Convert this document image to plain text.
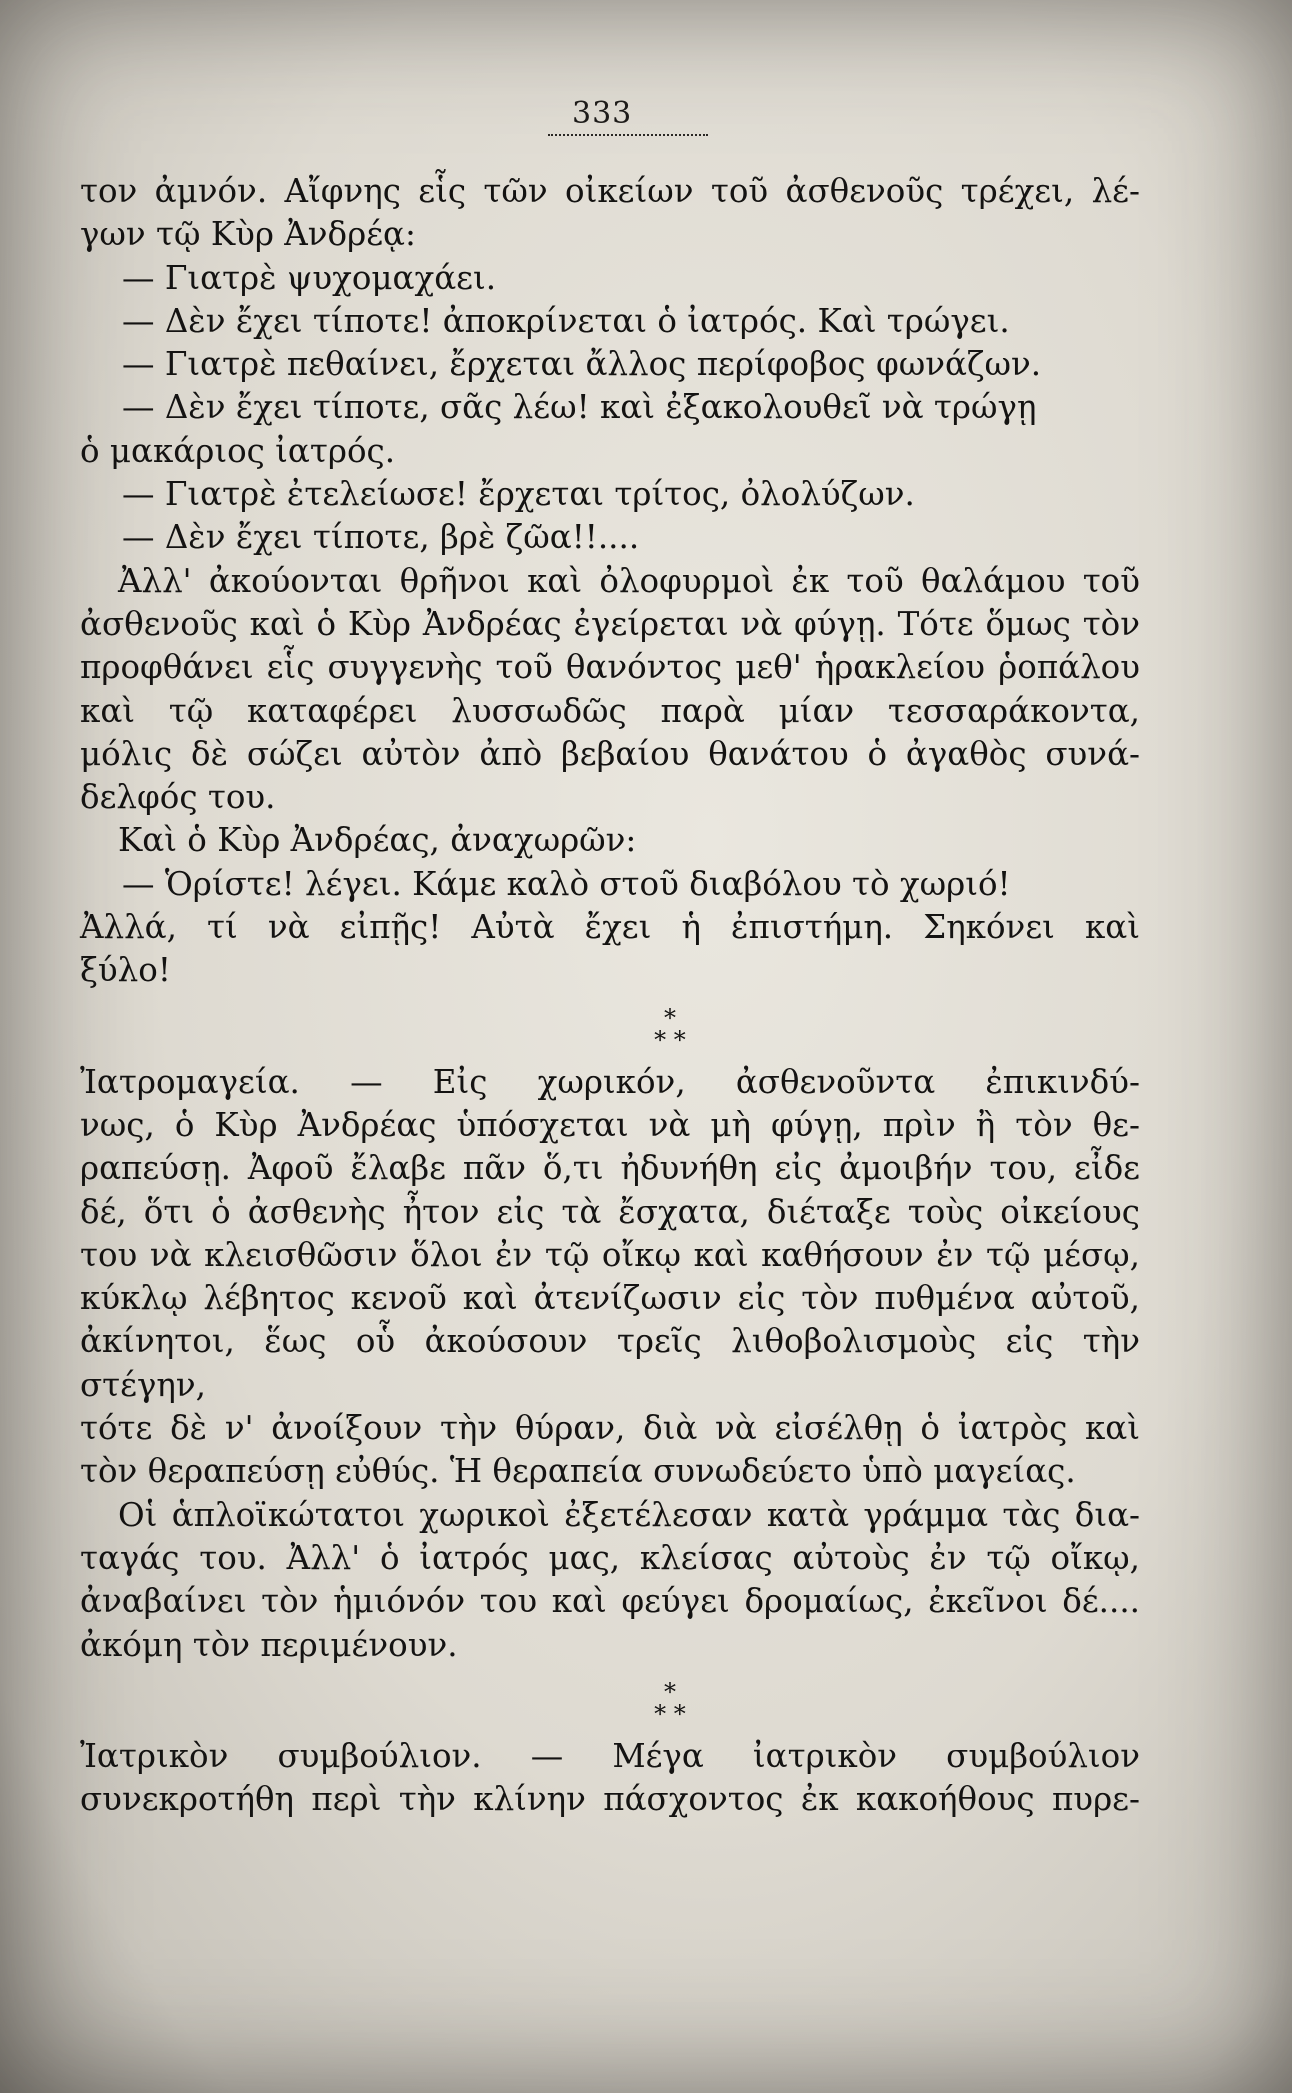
333
τον ἀμνόν. Αἴφνης εἷς τῶν οἰκείων τοῦ ἀσθενοῦς τρέχει, λέ-
γων τῷ Κὺρ Ἀνδρέᾳ:
— Γιατρὲ ψυχομαχάει.
— Δὲν ἔχει τίποτε! ἀποκρίνεται ὁ ἰατρός. Καὶ τρώγει.
— Γιατρὲ πεθαίνει, ἔρχεται ἄλλος περίφοβος φωνάζων.
— Δὲν ἔχει τίποτε, σᾶς λέω! καὶ ἐξακολουθεῖ νὰ τρώγῃ
ὁ μακάριος ἰατρός.
— Γιατρὲ ἐτελείωσε! ἔρχεται τρίτος, ὀλολύζων.
— Δὲν ἔχει τίποτε, βρὲ ζῶα!!....
Ἀλλ' ἀκούονται θρῆνοι καὶ ὀλοφυρμοὶ ἐκ τοῦ θαλάμου τοῦ
ἀσθενοῦς καὶ ὁ Κὺρ Ἀνδρέας ἐγείρεται νὰ φύγῃ. Τότε ὅμως τὸν
προφθάνει εἷς συγγενὴς τοῦ θανόντος μεθ' ἡρακλείου ῥοπάλου
καὶ τῷ καταφέρει λυσσωδῶς παρὰ μίαν τεσσαράκοντα,
μόλις δὲ σώζει αὐτὸν ἀπὸ βεβαίου θανάτου ὁ ἀγαθὸς συνά-
δελφός του.
Καὶ ὁ Κὺρ Ἀνδρέας, ἀναχωρῶν:
— Ὁρίστε! λέγει. Κάμε καλὸ στοῦ διαβόλου τὸ χωριό!
Ἀλλά, τί νὰ εἰπῇς! Αὐτὰ ἔχει ἡ ἐπιστήμη. Σηκόνει καὶ
ξύλο!
*
* *
Ἰατρομαγεία. — Εἰς χωρικόν, ἀσθενοῦντα ἐπικινδύ-
νως, ὁ Κὺρ Ἀνδρέας ὑπόσχεται νὰ μὴ φύγῃ, πρὶν ἢ τὸν θε-
ραπεύσῃ. Ἀφοῦ ἔλαβε πᾶν ὅ,τι ἠδυνήθη εἰς ἀμοιβήν του, εἶδε
δέ, ὅτι ὁ ἀσθενὴς ἦτον εἰς τὰ ἔσχατα, διέταξε τοὺς οἰκείους
του νὰ κλεισθῶσιν ὅλοι ἐν τῷ οἴκῳ καὶ καθήσουν ἐν τῷ μέσῳ,
κύκλῳ λέβητος κενοῦ καὶ ἀτενίζωσιν εἰς τὸν πυθμένα αὐτοῦ,
ἀκίνητοι, ἕως οὗ ἀκούσουν τρεῖς λιθοβολισμοὺς εἰς τὴν στέγην,
τότε δὲ ν' ἀνοίξουν τὴν θύραν, διὰ νὰ εἰσέλθῃ ὁ ἰατρὸς καὶ
τὸν θεραπεύσῃ εὐθύς. Ἡ θεραπεία συνωδεύετο ὑπὸ μαγείας.
Οἱ ἁπλοϊκώτατοι χωρικοὶ ἐξετέλεσαν κατὰ γράμμα τὰς δια-
ταγάς του. Ἀλλ' ὁ ἰατρός μας, κλείσας αὐτοὺς ἐν τῷ οἴκῳ,
ἀναβαίνει τὸν ἡμιόνόν του καὶ φεύγει δρομαίως, ἐκεῖνοι δέ....
ἀκόμη τὸν περιμένουν.
*
* *
Ἰατρικὸν συμβούλιον. — Μέγα ἰατρικὸν συμβούλιον
συνεκροτήθη περὶ τὴν κλίνην πάσχοντος ἐκ κακοήθους πυρε-
